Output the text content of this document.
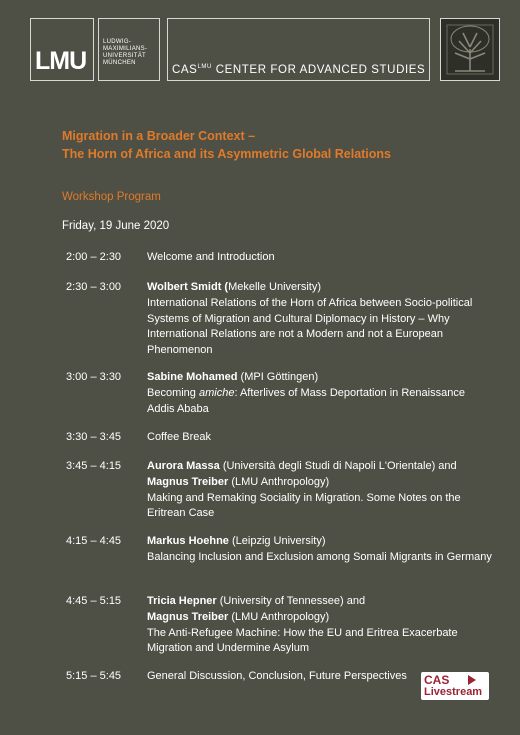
LMU
LUDWIG-
MAXIMILIANS-
UNIVERSITÄT
MÜNCHEN
$CAS^{LMU}$ CENTER FOR ADVANCED STUDIES
Migration in a Broader Context –
The Horn of Africa and its Asymmetric Global Relations
Workshop Program
Friday, 19 June 2020
2:00 – 2:30	Welcome and Introduction

2:30 – 3:00	Wolbert Smidt (Mekelle University)

International Relations of the Horn of Africa between Socio-political Systems of Migration and Cultural Diplomacy in History – Why International Relations are not a Modern and not a European Phenomenon

3:00 – 3:30	Sabine Mohamed (MPI Göttingen)

Becoming amiche: Afterlives of Mass Deportation in Renaissance Addis Ababa

3:30 – 3:45	Coffee Break

3:45 – 4:15	Aurora Massa (Università degli Studi di Napoli L'Orientale) and

Magnus Treiber (LMU Anthropology)

Making and Remaking Sociality in Migration. Some Notes on the Eritrean Case

4:15 – 4:45	Markus Hoehne (Leipzig University)

Balancing Inclusion and Exclusion among Somali Migrants in Germany

4:45 – 5:15	Tricia Hepner (University of Tennessee) and

Magnus Treiber (LMU Anthropology)

The Anti-Refugee Machine: How the EU and Eritrea Exacerbate Migration and Undermine Asylum

5:15 – 5:45	General Discussion, Conclusion, Future Perspectives	CAS
Livestream
